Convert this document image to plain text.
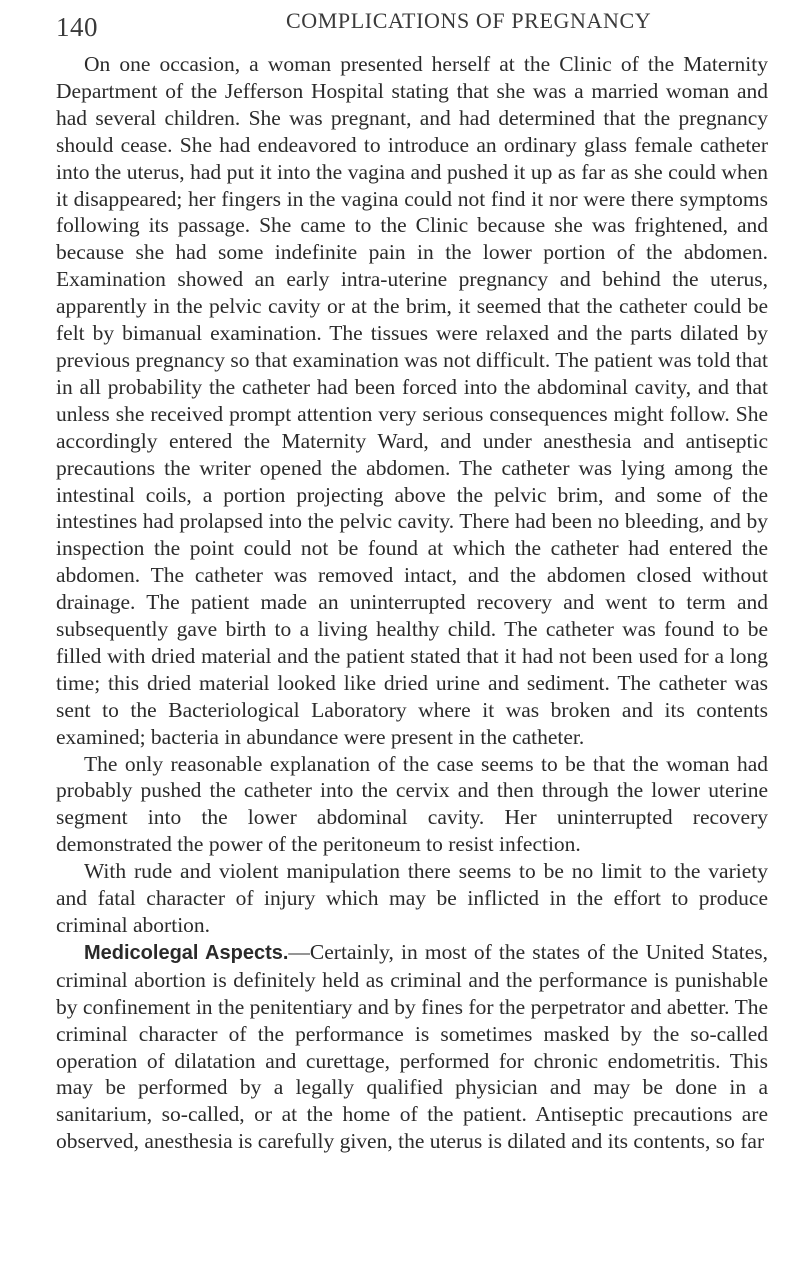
140	COMPLICATIONS OF PREGNANCY

On one occasion, a woman presented herself at the Clinic of the Maternity Department of the Jefferson Hospital stating that she was a married woman and had several children. She was pregnant, and had determined that the pregnancy should cease. She had endeavored to introduce an ordinary glass female catheter into the uterus, had put it into the vagina and pushed it up as far as she could when it disappeared; her fingers in the vagina could not find it nor were there symptoms following its passage. She came to the Clinic because she was frightened, and because she had some indefinite pain in the lower portion of the abdomen. Examination showed an early intra-uterine pregnancy and behind the uterus, apparently in the pelvic cavity or at the brim, it seemed that the catheter could be felt by bimanual examination. The tissues were relaxed and the parts dilated by previous pregnancy so that examination was not difficult. The patient was told that in all probability the catheter had been forced into the abdominal cavity, and that unless she received prompt attention very serious consequences might follow. She accordingly entered the Maternity Ward, and under anesthesia and antiseptic precautions the writer opened the abdomen. The catheter was lying among the intestinal coils, a portion projecting above the pelvic brim, and some of the intestines had prolapsed into the pelvic cavity. There had been no bleeding, and by inspection the point could not be found at which the catheter had entered the abdomen. The catheter was removed intact, and the abdomen closed without drainage. The patient made an uninterrupted recovery and went to term and subsequently gave birth to a living healthy child. The catheter was found to be filled with dried material and the patient stated that it had not been used for a long time; this dried material looked like dried urine and sediment. The catheter was sent to the Bacteriological Laboratory where it was broken and its contents examined; bacteria in abundance were present in the catheter.

The only reasonable explanation of the case seems to be that the woman had probably pushed the catheter into the cervix and then through the lower uterine segment into the lower abdominal cavity. Her uninterrupted recovery demonstrated the power of the peritoneum to resist infection.

With rude and violent manipulation there seems to be no limit to the variety and fatal character of injury which may be inflicted in the effort to produce criminal abortion.

Medicolegal Aspects.—Certainly, in most of the states of the United States, criminal abortion is definitely held as criminal and the performance is punishable by confinement in the penitentiary and by fines for the perpetrator and abetter. The criminal character of the performance is sometimes masked by the so-called operation of dilatation and curettage, performed for chronic endometritis. This may be performed by a legally qualified physician and may be done in a sanitarium, so-called, or at the home of the patient. Antiseptic precautions are observed, anesthesia is carefully given, the uterus is dilated and its contents, so far
